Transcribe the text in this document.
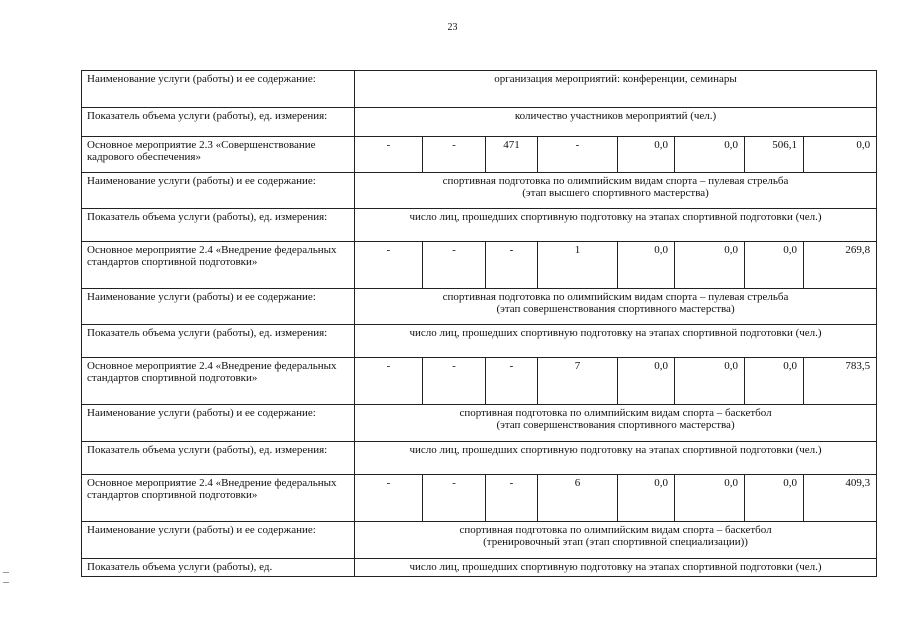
23
Наименование услуги (работы) и ее содержание:	организация мероприятий: конференции, семинары							

Показатель объема услуги (работы), ед. измерения:	количество участников мероприятий (чел.)							

Основное мероприятие 2.3 «Совершенствование кадрового обеспечения»	-	-	471	-	0,0	0,0	506,1	0,0
Наименование услуги (работы) и ее содержание:	спортивная подготовка по олимпийским видам спорта – пулевая стрельба
(этап высшего спортивного мастерства)							

Показатель объема услуги (работы), ед. измерения:	число лиц, прошедших спортивную подготовку на этапах спортивной подготовки (чел.)							

Основное мероприятие 2.4 «Внедрение федеральных стандартов спортивной подготовки»	-	-	-	1	0,0	0,0	0,0	269,8
Наименование услуги (работы) и ее содержание:	спортивная подготовка по олимпийским видам спорта – пулевая стрельба
(этап совершенствования спортивного мастерства)							

Показатель объема услуги (работы), ед. измерения:	число лиц, прошедших спортивную подготовку на этапах спортивной подготовки (чел.)							

Основное мероприятие 2.4 «Внедрение федеральных стандартов спортивной подготовки»	-	-	-	7	0,0	0,0	0,0	783,5
Наименование услуги (работы) и ее содержание:	спортивная подготовка по олимпийским видам спорта – баскетбол
(этап совершенствования спортивного мастерства)							

Показатель объема услуги (работы), ед. измерения:	число лиц, прошедших спортивную подготовку на этапах спортивной подготовки (чел.)							

Основное мероприятие 2.4 «Внедрение федеральных стандартов спортивной подготовки»	-	-	-	6	0,0	0,0	0,0	409,3
Наименование услуги (работы) и ее содержание:	спортивная подготовка по олимпийским видам спорта – баскетбол
(тренировочный этап (этап спортивной специализации))							

Показатель объема услуги (работы), ед.	число лиц, прошедших спортивную подготовку на этапах спортивной подготовки (чел.)							
